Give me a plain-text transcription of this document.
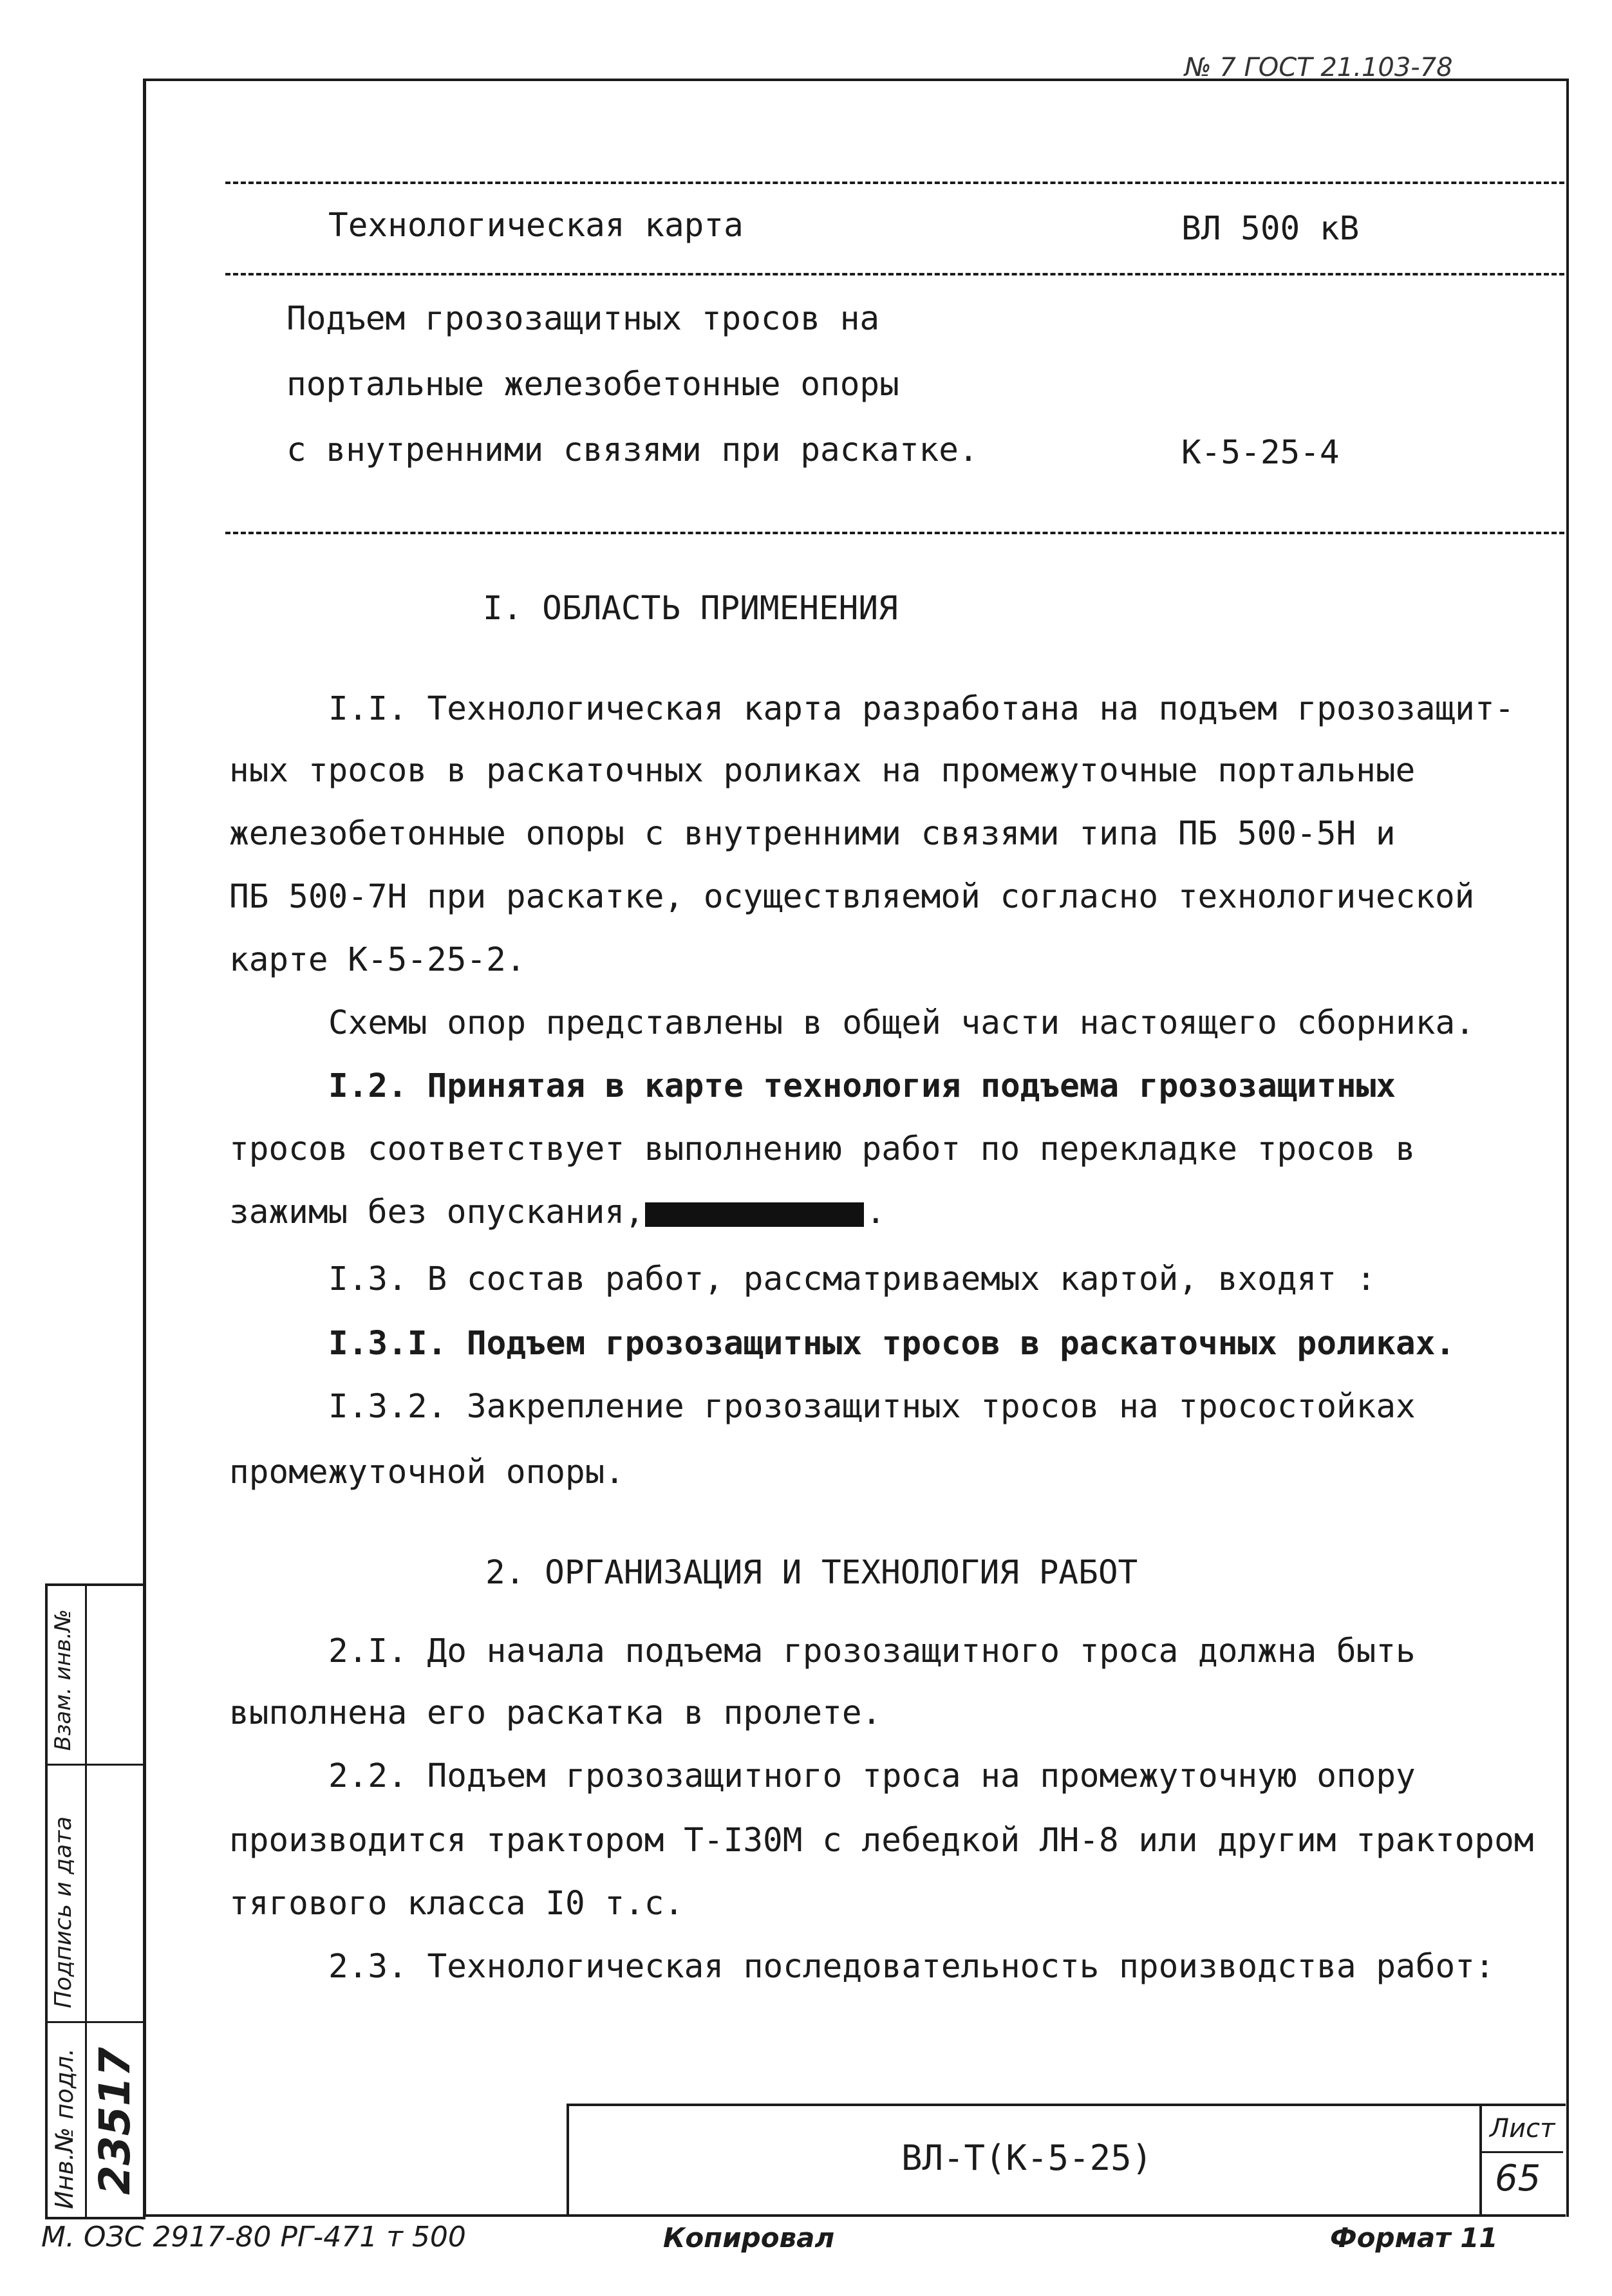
№ 7 ГОСТ 21.103-78
Технологическая карта	ВЛ 500 кВ
Подъем грозозащитных тросов на
портальные железобетонные опоры
с внутренними связями при раскатке.	К-5-25-4
I. ОБЛАСТЬ ПРИМЕНЕНИЯ
I.I. Технологическая карта разработана на подъем грозозащит-
ных тросов в раскаточных роликах на промежуточные портальные
железобетонные опоры с внутренними связями типа ПБ 500-5Н и
ПБ 500-7Н при раскатке, осуществляемой согласно технологической
карте К-5-25-2.
Схемы опор представлены в общей части настоящего сборника.
I.2. Принятая в карте технология подъема грозозащитных
тросов соответствует выполнению работ по перекладке тросов в
зажимы без опускания,	.
I.3. В состав работ, рассматриваемых картой, входят :
I.3.I. Подъем грозозащитных тросов в раскаточных роликах.
I.3.2. Закрепление грозозащитных тросов на тросостойках
промежуточной опоры.
2. ОРГАНИЗАЦИЯ И ТЕХНОЛОГИЯ РАБОТ
2.I. До начала подъема грозозащитного троса должна быть
выполнена его раскатка в пролете.
2.2. Подъем грозозащитного троса на промежуточную опору
производится трактором Т-I30М с лебедкой ЛН-8 или другим трактором
тягового класса I0 т.с.
2.3. Технологическая последовательность производства работ:
Взам. инв.№
Подпись и дата
Инв.№ подл. 23517	ВЛ-Т(К-5-25)
Лист
65
М. ОЗС 2917-80 РГ-471 т 500	Копировал	Формат 11
